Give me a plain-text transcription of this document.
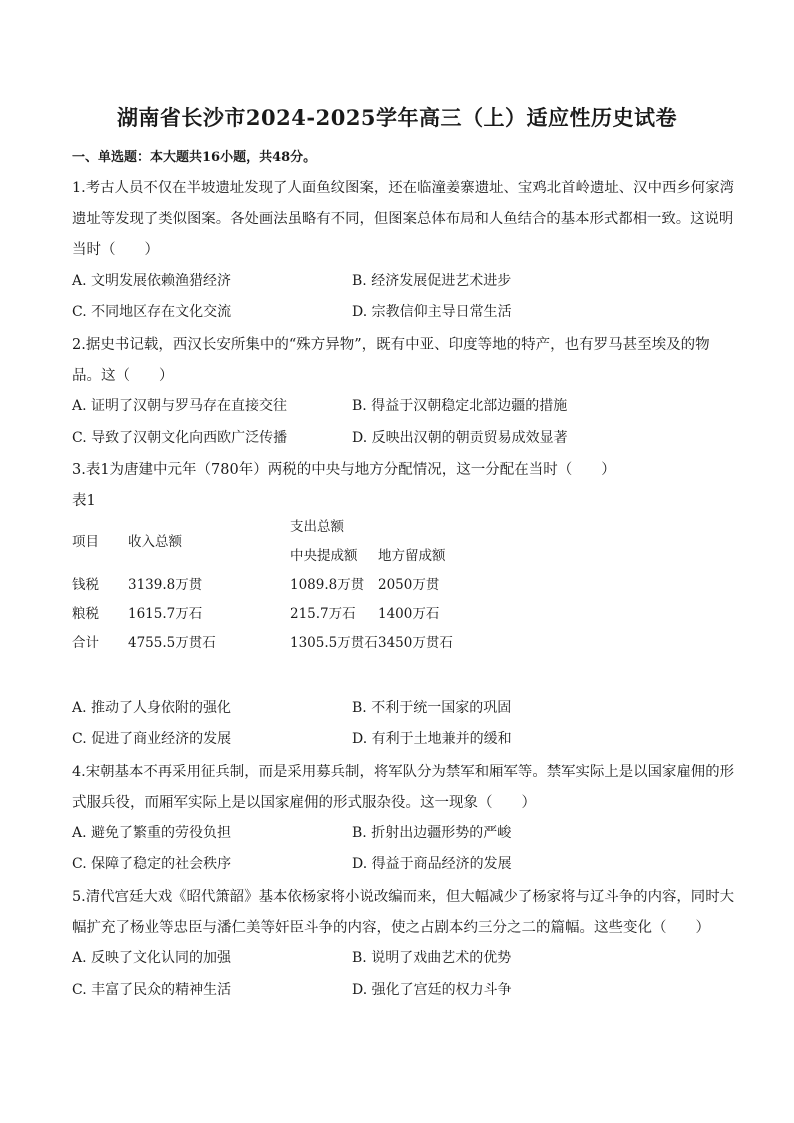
湖南省长沙市2024-2025学年高三（上）适应性历史试卷
一、单选题：本大题共16小题，共48分。
1.考古人员不仅在半坡遗址发现了人面鱼纹图案，还在临潼姜寨遗址、宝鸡北首岭遗址、汉中西乡何家湾
遗址等发现了类似图案。各处画法虽略有不同，但图案总体布局和人鱼结合的基本形式都相一致。这说明
当时（　　）
A. 文明发展依赖渔猎经济	B. 经济发展促进艺术进步
C. 不同地区存在文化交流	D. 宗教信仰主导日常生活
2.据史书记载，西汉长安所集中的“殊方异物”，既有中亚、印度等地的特产，也有罗马甚至埃及的物
品。这（　　）
A. 证明了汉朝与罗马存在直接交往	B. 得益于汉朝稳定北部边疆的措施
C. 导致了汉朝文化向西欧广泛传播	D. 反映出汉朝的朝贡贸易成效显著
3.表1为唐建中元年（780年）两税的中央与地方分配情况，这一分配在当时（　　）
表1
项目 收入总额
支出总额
中央提成额 地方留成额
钱税 3139.8万贯	1089.8万贯 2050万贯
粮税 1615.7万石	215.7万石 1400万石
合计 4755.5万贯石	1305.5万贯石 3450万贯石
A. 推动了人身依附的强化	B. 不利于统一国家的巩固
C. 促进了商业经济的发展	D. 有利于土地兼并的缓和
4.宋朝基本不再采用征兵制，而是采用募兵制，将军队分为禁军和厢军等。禁军实际上是以国家雇佣的形
式服兵役，而厢军实际上是以国家雇佣的形式服杂役。这一现象（　　）
A. 避免了繁重的劳役负担	B. 折射出边疆形势的严峻
C. 保障了稳定的社会秩序	D. 得益于商品经济的发展
5.清代宫廷大戏《昭代箫韶》基本依杨家将小说改编而来，但大幅减少了杨家将与辽斗争的内容，同时大
幅扩充了杨业等忠臣与潘仁美等奸臣斗争的内容，使之占剧本约三分之二的篇幅。这些变化（　　）
A. 反映了文化认同的加强	B. 说明了戏曲艺术的优势
C. 丰富了民众的精神生活	D. 强化了宫廷的权力斗争
